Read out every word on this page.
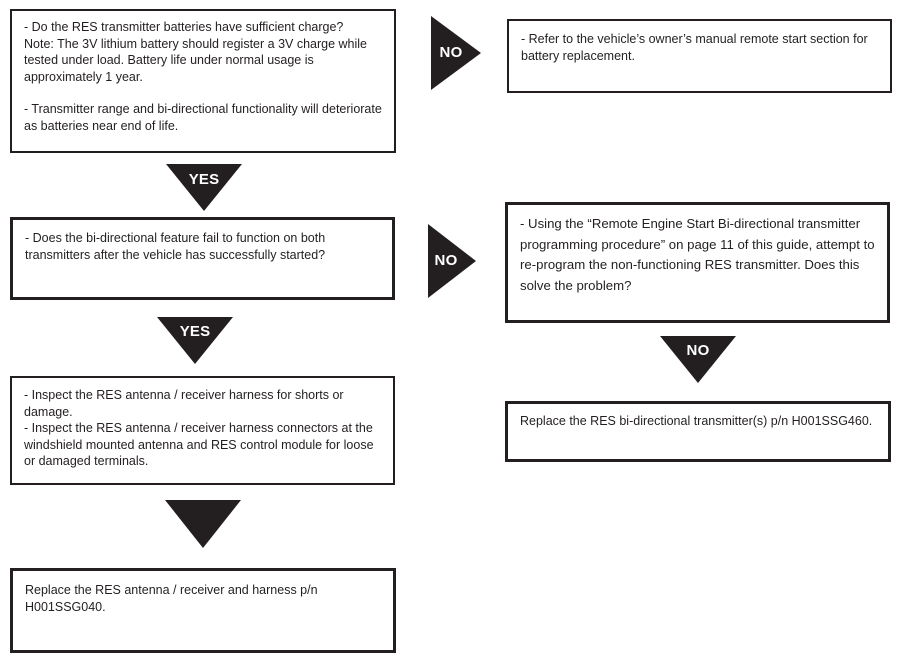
- Do the RES transmitter batteries have sufficient charge?

Note: The 3V lithium battery should register a 3V charge while tested under load. Battery life under normal usage is approximately 1 year.

- Transmitter range and bi-directional functionality will deteriorate as batteries near end of life.

NO

- Refer to the vehicle’s owner’s manual remote start section for battery replacement.

YES

- Does the bi-directional feature fail to function on both transmitters after the vehicle has successfully started?	NO

- Using the “Remote Engine Start Bi-directional transmitter programming procedure” on page 11 of this guide, attempt to re-program the non-functioning RES transmitter. Does this solve the problem?

NO

Replace the RES bi-directional transmitter(s) p/n H001SSG460.

YES

- Inspect the RES antenna / receiver harness for shorts or damage.

- Inspect the RES antenna / receiver harness connectors at the windshield mounted antenna and RES control module for loose or damaged terminals.

Replace the RES antenna / receiver and harness p/n H001SSG040.
